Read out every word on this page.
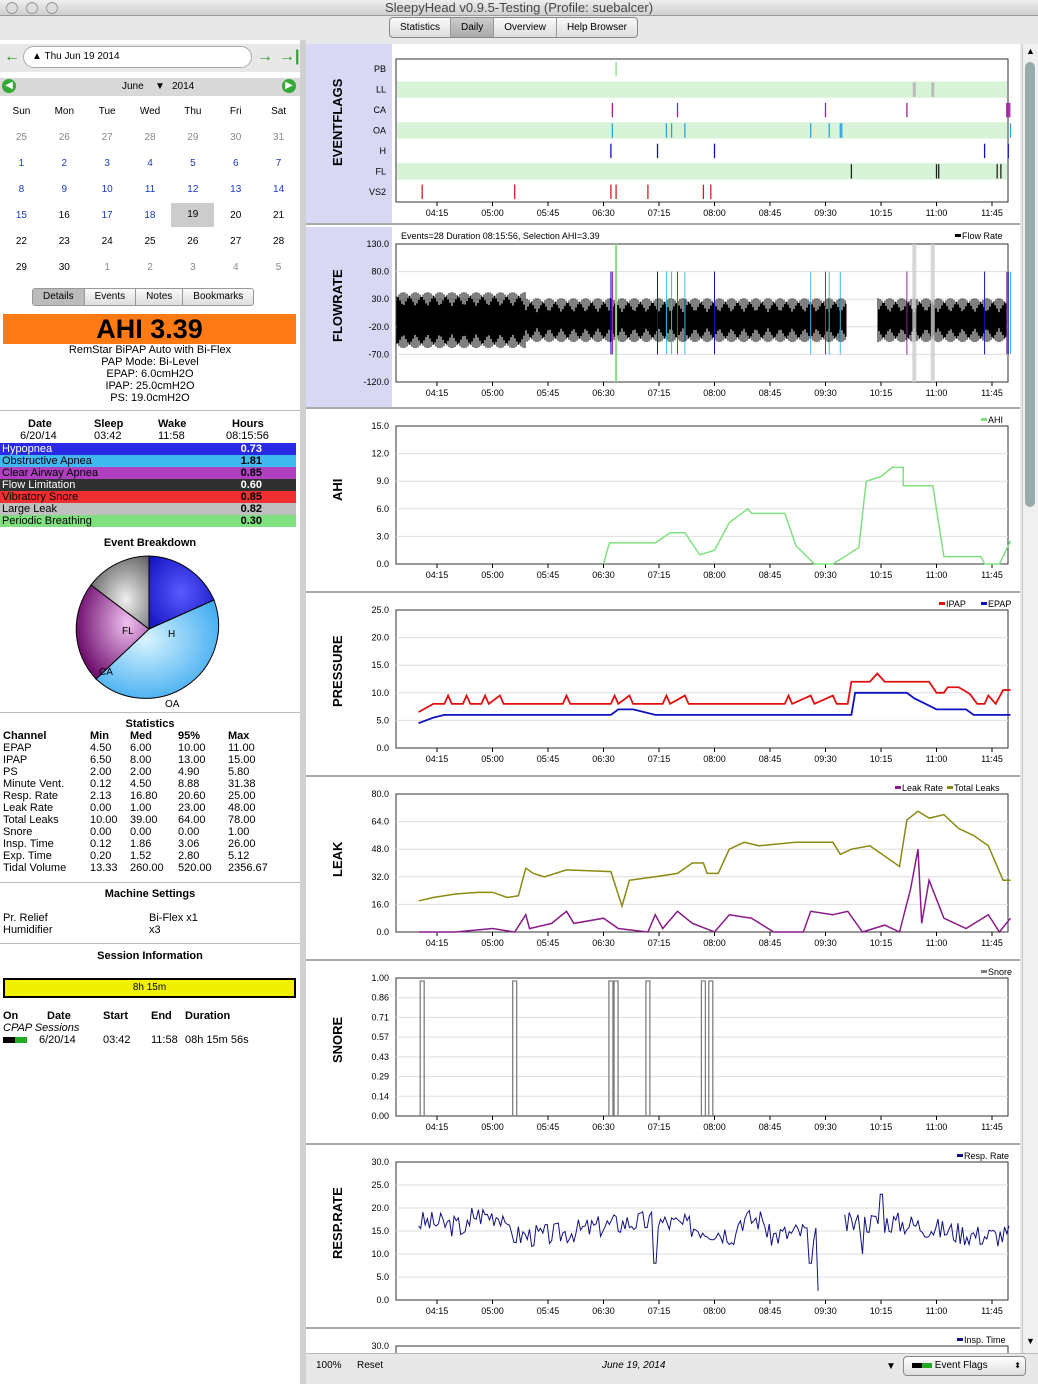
SleepyHead v0.9.5-Testing (Profile: suebalcer)
Statistics	Daily	Overview	Help Browser
←	▲ Thu Jun 19 2014	→ →|
◀	June ▼ 2014	▶
Sun	Mon	Tue	Wed	Thu	Fri	Sat
25	26	27	28	29	30	31
1	2	3	4	5	6	7
8	9	10	11	12	13	14
15	16	17	18	19	20	21
22	23	24	25	26	27	28
29	30	1	2	3	4	5
Details	Events	Notes	Bookmarks
AHI 3.39
RemStar BiPAP Auto with Bi-Flex
PAP Mode: Bi-Level
EPAP: 6.0cmH2O
IPAP: 25.0cmH2O
PS: 19.0cmH2O
Date	Sleep	Wake	Hours
6/20/14	03:42	11:58	08:15:56
Hypopnea	0.73
Obstructive Apnea	1.81
Clear Airway Apnea	0.85
Flow Limitation	0.60
Vibratory Snore	0.85
Large Leak	0.82
Periodic Breathing	0.30
Event Breakdown
FL	H
CA
OA
Statistics
Channel	Min	Med	95%	Max
EPAP	4.50	6.00	10.00	11.00
IPAP	6.50	8.00	13.00	15.00
PS	2.00	2.00	4.90	5.80
Minute Vent.	0.12	4.50	8.88	31.38
Resp. Rate	2.13	16.80	20.60	25.00
Leak Rate	0.00	1.00	23.00	48.00
Total Leaks	10.00	39.00	64.00	78.00
Snore	0.00	0.00	0.00	1.00
Insp. Time	0.12	1.86	3.06	26.00
Exp. Time	0.20	1.52	2.80	5.12
Tidal Volume	13.33	260.00	520.00	2356.67
Machine Settings
Pr. Relief	Bi-Flex x1
Humidifier	x3
Session Information
8h 15m
On	Date	Start	End	Duration
CPAP Sessions
6/20/14	03:42	11:58 08h 15m 56s
EVENTFLAGS
PB
LL
CA
OA
H
FL
VS2
04:15	05:00	05:45	06:30	07:15	08:00	08:45	09:30	10:15	11:00	11:45
FLOWRATE
130.0
80.0
30.0
-20.0
-70.0
-120.0
04:15	05:00	05:45	06:30	07:15	08:00	08:45	09:30	10:15	11:00	11:45
Events=28 Duration 08:15:56, Selection AHI=3.39	Flow Rate
AHI
15.0
12.0
9.0
6.0
3.0
0.0
04:15	05:00	05:45	06:30	07:15	08:00	08:45	09:30	10:15	11:00	11:45
AHI
PRESSURE
25.0
20.0
15.0
10.0
5.0
0.0
04:15	05:00	05:45	06:30	07:15	08:00	08:45	09:30	10:15	11:00	11:45
IPAP EPAP
LEAK
80.0
64.0
48.0
32.0
16.0
0.0
04:15	05:00	05:45	06:30	07:15	08:00	08:45	09:30	10:15	11:00	11:45
Leak Rate Total Leaks
SNORE
1.00
0.86
0.71
0.57
0.43
0.29
0.14
0.00
04:15	05:00	05:45	06:30	07:15	08:00	08:45	09:30	10:15	11:00	11:45
Snore
RESP.RATE
30.0
25.0
20.0
15.0
10.0
5.0
0.0
04:15	05:00	05:45	06:30	07:15	08:00	08:45	09:30	10:15	11:00	11:45
Resp. Rate
30.0
Insp. Time
▲
▼
100% Reset	June 19, 2014	▼	Event Flags	⬍
